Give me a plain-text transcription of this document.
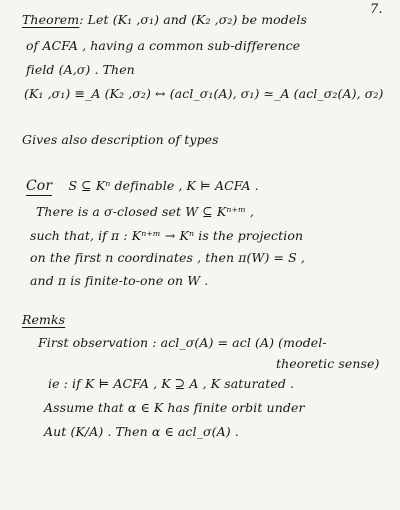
7.
Theorem: Let (K₁ ,σ₁) and (K₂ ,σ₂) be models
of ACFA , having a common sub-difference
field (A,σ) . Then
(K₁ ,σ₁) ≡_A (K₂ ,σ₂) ↔ (acl_σ₁(A), σ₁) ≃_A (acl_σ₂(A), σ₂)
Gives also description of types
Cor S ⊆ Kⁿ definable , K ⊨ ACFA .
There is a σ-closed set W ⊆ Kⁿ⁺ᵐ ,
such that, if π : Kⁿ⁺ᵐ → Kⁿ is the projection
on the first n coordinates , then π(W) = S ,
and π is finite-to-one on W .
Remks
First observation : acl_σ(A) = acl (A) (model-
theoretic sense)
ie : if K ⊨ ACFA , K ⊇ A , K saturated .
Assume that α ∈ K has finite orbit under
Aut (K/A) . Then α ∈ acl_σ(A) .
